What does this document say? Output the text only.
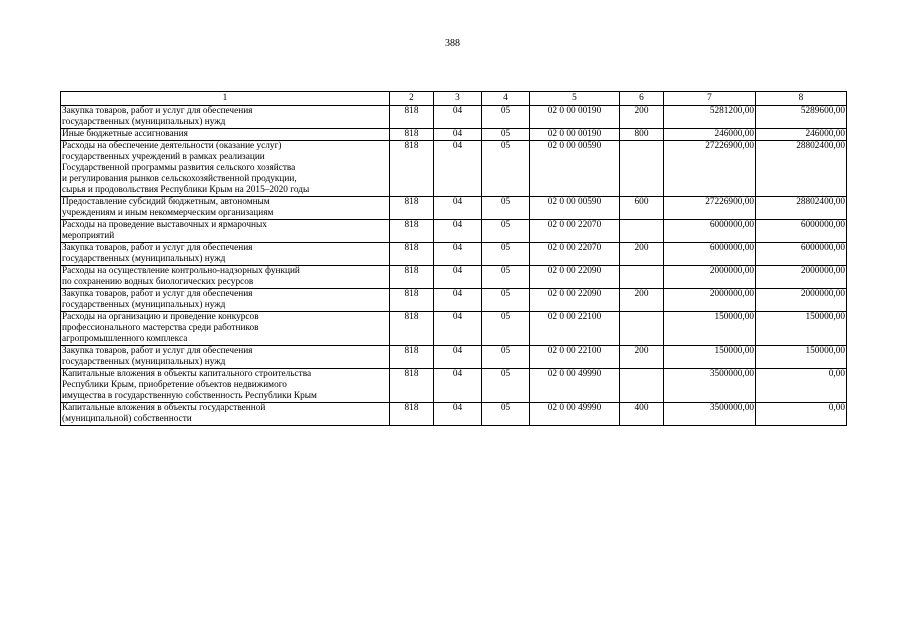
388
1	2	3	4	5	6	7	8

Закупка товаров, работ и услуг для обеспечения
государственных (муниципальных) нужд	818	04	05	02 0 00 00190	200	5281200,00	5289600,00

Иные бюджетные ассигнования	818	04	05	02 0 00 00190	800	246000,00	246000,00

Расходы на обеспечение деятельности (оказание услуг)
государственных учреждений в рамках реализации
Государственной программы развития сельского хозяйства
и регулирования рынков сельскохозяйственной продукции,
сырья и продовольствия Республики Крым на 2015–2020 годы	818	04	05	02 0 00 00590		27226900,00	28802400,00

Предоставление субсидий бюджетным, автономным
учреждениям и иным некоммерческим организациям	818	04	05	02 0 00 00590	600	27226900,00	28802400,00

Расходы на проведение выставочных и ярмарочных
мероприятий	818	04	05	02 0 00 22070		6000000,00	6000000,00

Закупка товаров, работ и услуг для обеспечения
государственных (муниципальных) нужд	818	04	05	02 0 00 22070	200	6000000,00	6000000,00

Расходы на осуществление контрольно-надзорных функций
по сохранению водных биологических ресурсов	818	04	05	02 0 00 22090		2000000,00	2000000,00

Закупка товаров, работ и услуг для обеспечения
государственных (муниципальных) нужд	818	04	05	02 0 00 22090	200	2000000,00	2000000,00

Расходы на организацию и проведение конкурсов
профессионального мастерства среди работников
агропромышленного комплекса	818	04	05	02 0 00 22100		150000,00	150000,00

Закупка товаров, работ и услуг для обеспечения
государственных (муниципальных) нужд	818	04	05	02 0 00 22100	200	150000,00	150000,00

Капитальные вложения в объекты капитального строительства
Республики Крым, приобретение объектов недвижимого
имущества в государственную собственность Республики Крым	818	04	05	02 0 00 49990		3500000,00	0,00

Капитальные вложения в объекты государственной
(муниципальной) собственности	818	04	05	02 0 00 49990	400	3500000,00	0,00
